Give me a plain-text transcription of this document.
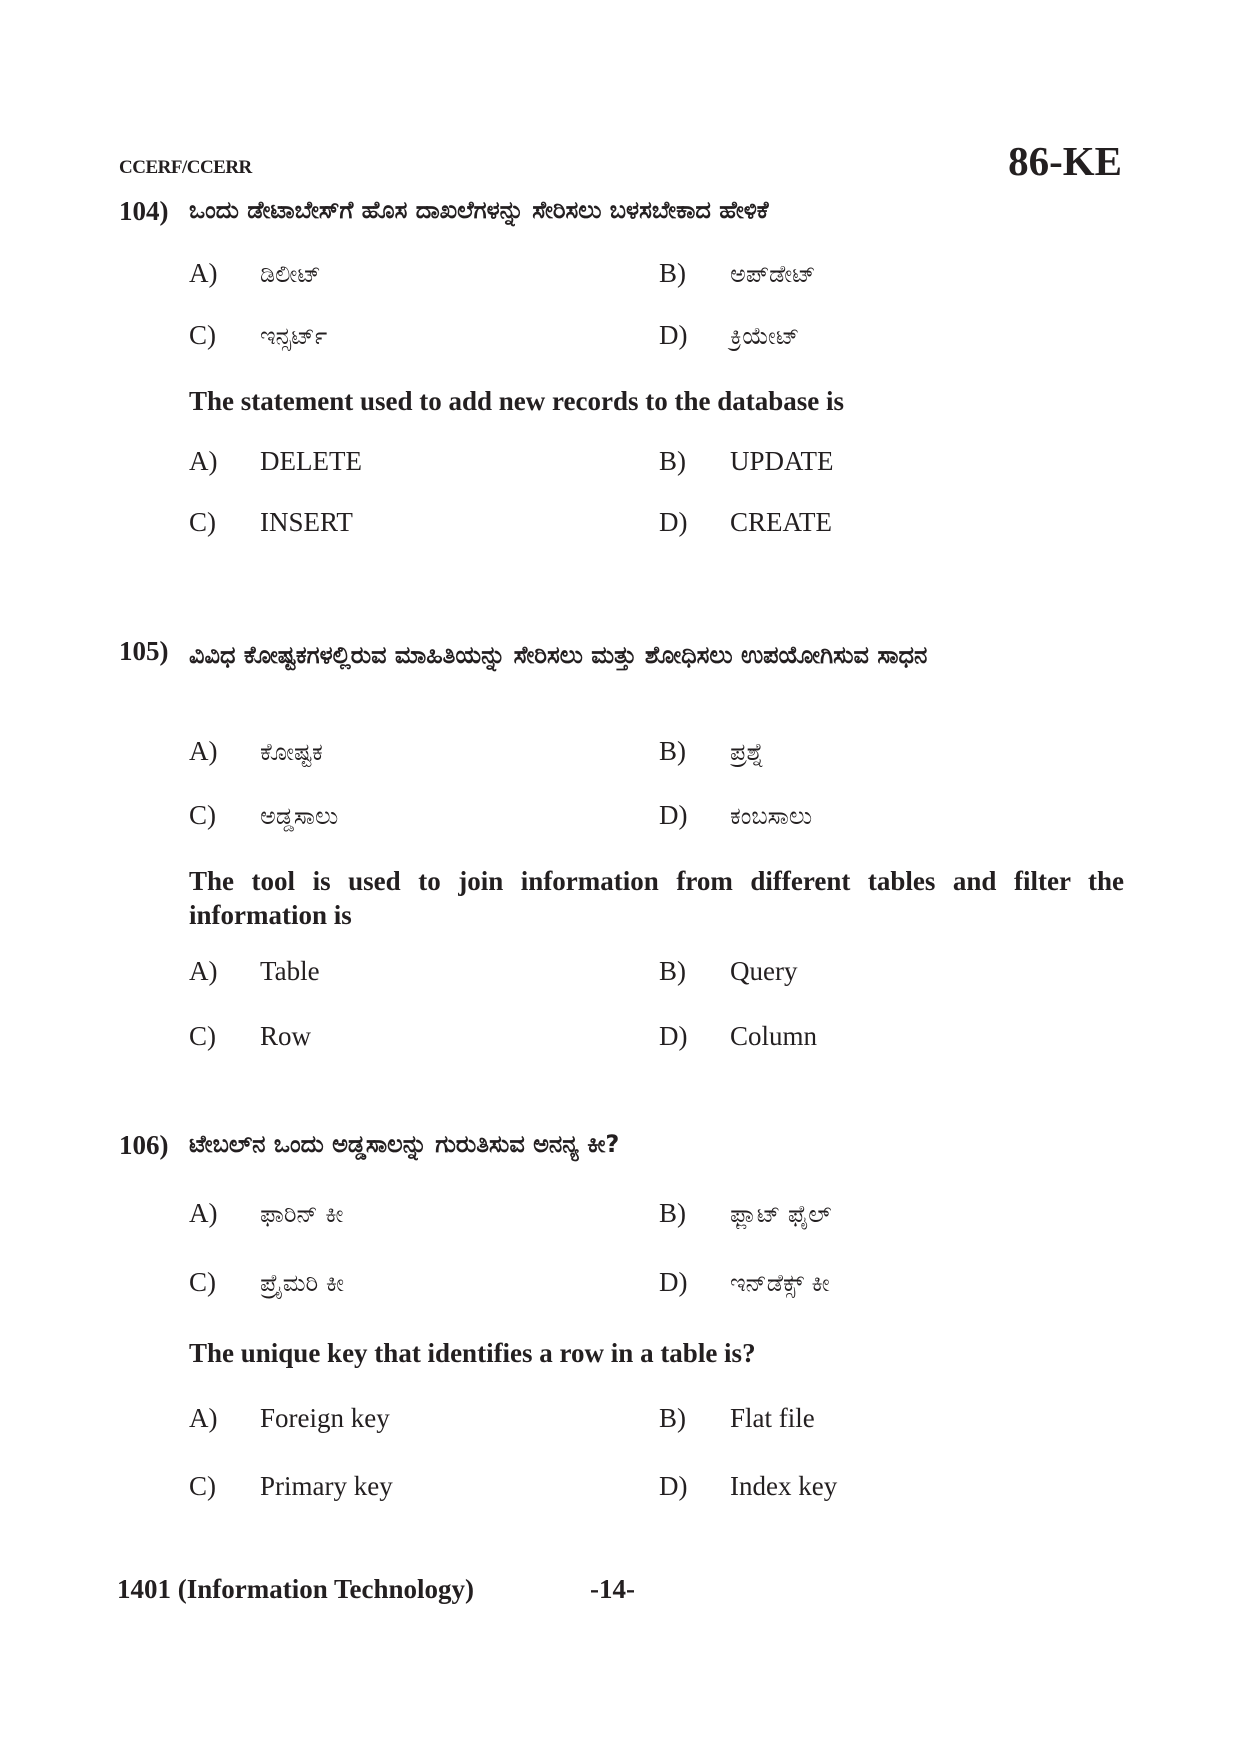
CCERF/CCERR	86-KE
104) ಒಂದು ಡೇಟಾಬೇಸ್‌ಗೆ ಹೊಸ ದಾಖಲೆಗಳನ್ನು ಸೇರಿಸಲು ಬಳಸಬೇಕಾದ ಹೇಳಿಕೆ
A) ಡಿಲೀಟ್	B) ಅಪ್‌ಡೇಟ್
C) ಇನ್ಸರ್ಟ್	D) ಕ್ರಿಯೇಟ್
The statement used to add new records to the database is
A) DELETE	B) UPDATE
C) INSERT	D) CREATE
105) ವಿವಿಧ ಕೋಷ್ಟಕಗಳಲ್ಲಿರುವ ಮಾಹಿತಿಯನ್ನು ಸೇರಿಸಲು ಮತ್ತು ಶೋಧಿಸಲು ಉಪಯೋಗಿಸುವ ಸಾಧನ
A) ಕೋಷ್ಟಕ	B) ಪ್ರಶ್ನೆ
C) ಅಡ್ಡಸಾಲು	D) ಕಂಬಸಾಲು
The tool is used to join information from different tables and filter the information is
A) Table	B) Query
C) Row	D) Column
106) ಟೇಬಲ್‌ನ ಒಂದು ಅಡ್ಡಸಾಲನ್ನು ಗುರುತಿಸುವ ಅನನ್ಯ ಕೀ?
A) ಫಾರಿನ್ ಕೀ	B) ಫ್ಲಾಟ್ ಫೈಲ್
C) ಪ್ರೈಮರಿ ಕೀ	D) ಇನ್‌ಡೆಕ್ಸ್ ಕೀ
The unique key that identifies a row in a table is?
A) Foreign key	B) Flat file
C) Primary key	D) Index key
1401 (Information Technology)	-14-
